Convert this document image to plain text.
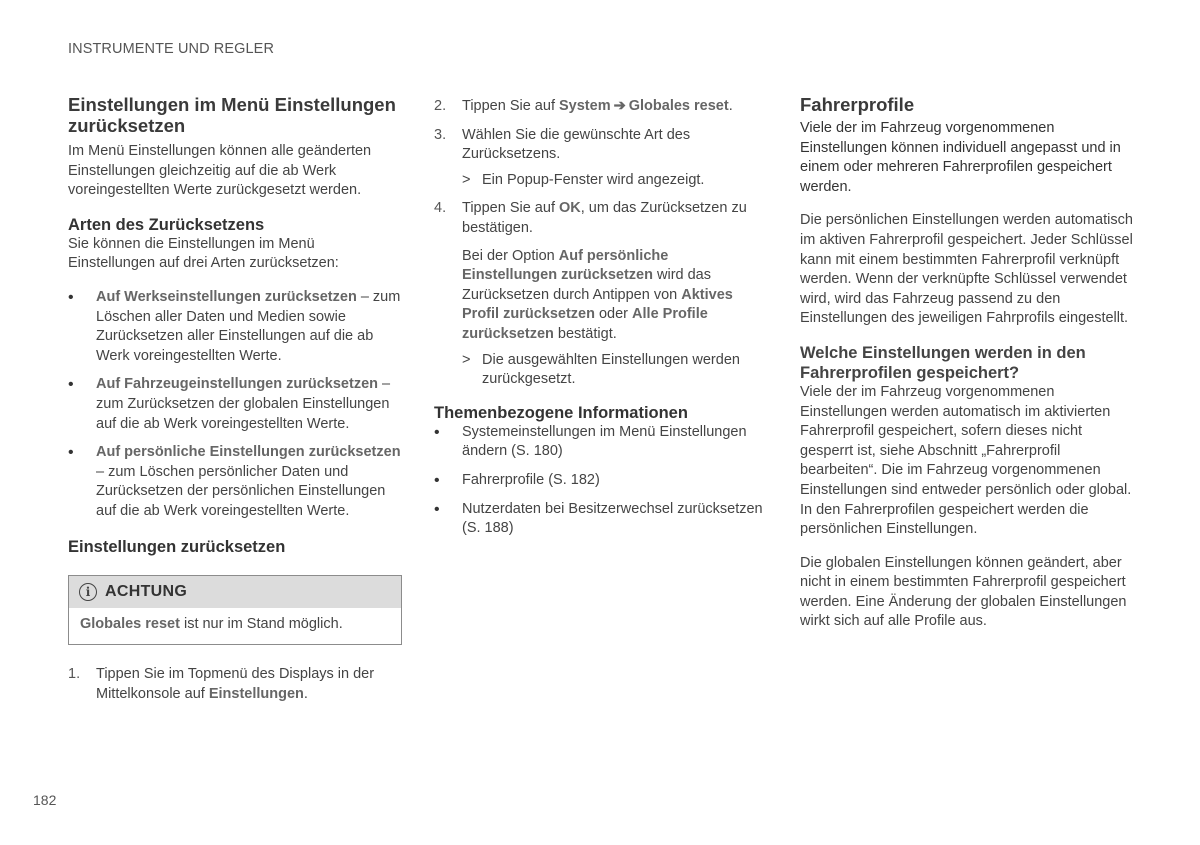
INSTRUMENTE UND REGLER
Einstellungen im Menü Einstellungen zurücksetzen

Im Menü Einstellungen können alle geänderten Einstellungen gleichzeitig auf die ab Werk voreingestellten Werte zurückgesetzt werden.

Arten des Zurücksetzens

Sie können die Einstellungen im Menü Einstellungen auf drei Arten zurücksetzen:

• Auf Werkseinstellungen zurücksetzen – zum Löschen aller Daten und Medien sowie Zurücksetzen aller Einstellungen auf die ab Werk voreingestellten Werte.
• Auf Fahrzeugeinstellungen zurücksetzen – zum Zurücksetzen der globalen Einstellungen auf die ab Werk voreingestellten Werte.
• Auf persönliche Einstellungen zurücksetzen – zum Löschen persönlicher Daten und Zurücksetzen der persönlichen Einstellungen auf die ab Werk voreingestellten Werte.
Einstellungen zurücksetzen
i ACHTUNG
Globales reset ist nur im Stand möglich.
1. Tippen Sie im Topmenü des Displays in der Mittelkonsole auf Einstellungen.
2. Tippen Sie auf System ➔ Globales reset.
3. Wählen Sie die gewünschte Art des Zurücksetzens.
> Ein Popup-Fenster wird angezeigt.
4. Tippen Sie auf OK, um das Zurücksetzen zu bestätigen.
Bei der Option Auf persönliche Einstellungen zurücksetzen wird das Zurücksetzen durch Antippen von Aktives Profil zurücksetzen oder Alle Profile zurücksetzen bestätigt.
> Die ausgewählten Einstellungen werden zurückgesetzt.
Themenbezogene Informationen
• Systemeinstellungen im Menü Einstellungen ändern (S. 180)
• Fahrerprofile (S. 182)
• Nutzerdaten bei Besitzerwechsel zurücksetzen (S. 188)
Fahrerprofile

Viele der im Fahrzeug vorgenommenen Einstellungen können individuell angepasst und in einem oder mehreren Fahrerprofilen gespeichert werden.

Die persönlichen Einstellungen werden automatisch im aktiven Fahrerprofil gespeichert. Jeder Schlüssel kann mit einem bestimmten Fahrerprofil verknüpft werden. Wenn der verknüpfte Schlüssel verwendet wird, wird das Fahrzeug passend zu den Einstellungen des jeweiligen Fahrprofils eingestellt.

Welche Einstellungen werden in den Fahrerprofilen gespeichert?

Viele der im Fahrzeug vorgenommenen Einstellungen werden automatisch im aktivierten Fahrerprofil gespeichert, sofern dieses nicht gesperrt ist, siehe Abschnitt „Fahrerprofil bearbeiten“. Die im Fahrzeug vorgenommenen Einstellungen sind entweder persönlich oder global. In den Fahrerprofilen gespeichert werden die persönlichen Einstellungen.

Die globalen Einstellungen können geändert, aber nicht in einem bestimmten Fahrerprofil gespeichert werden. Eine Änderung der globalen Einstellungen wirkt sich auf alle Profile aus.

182
